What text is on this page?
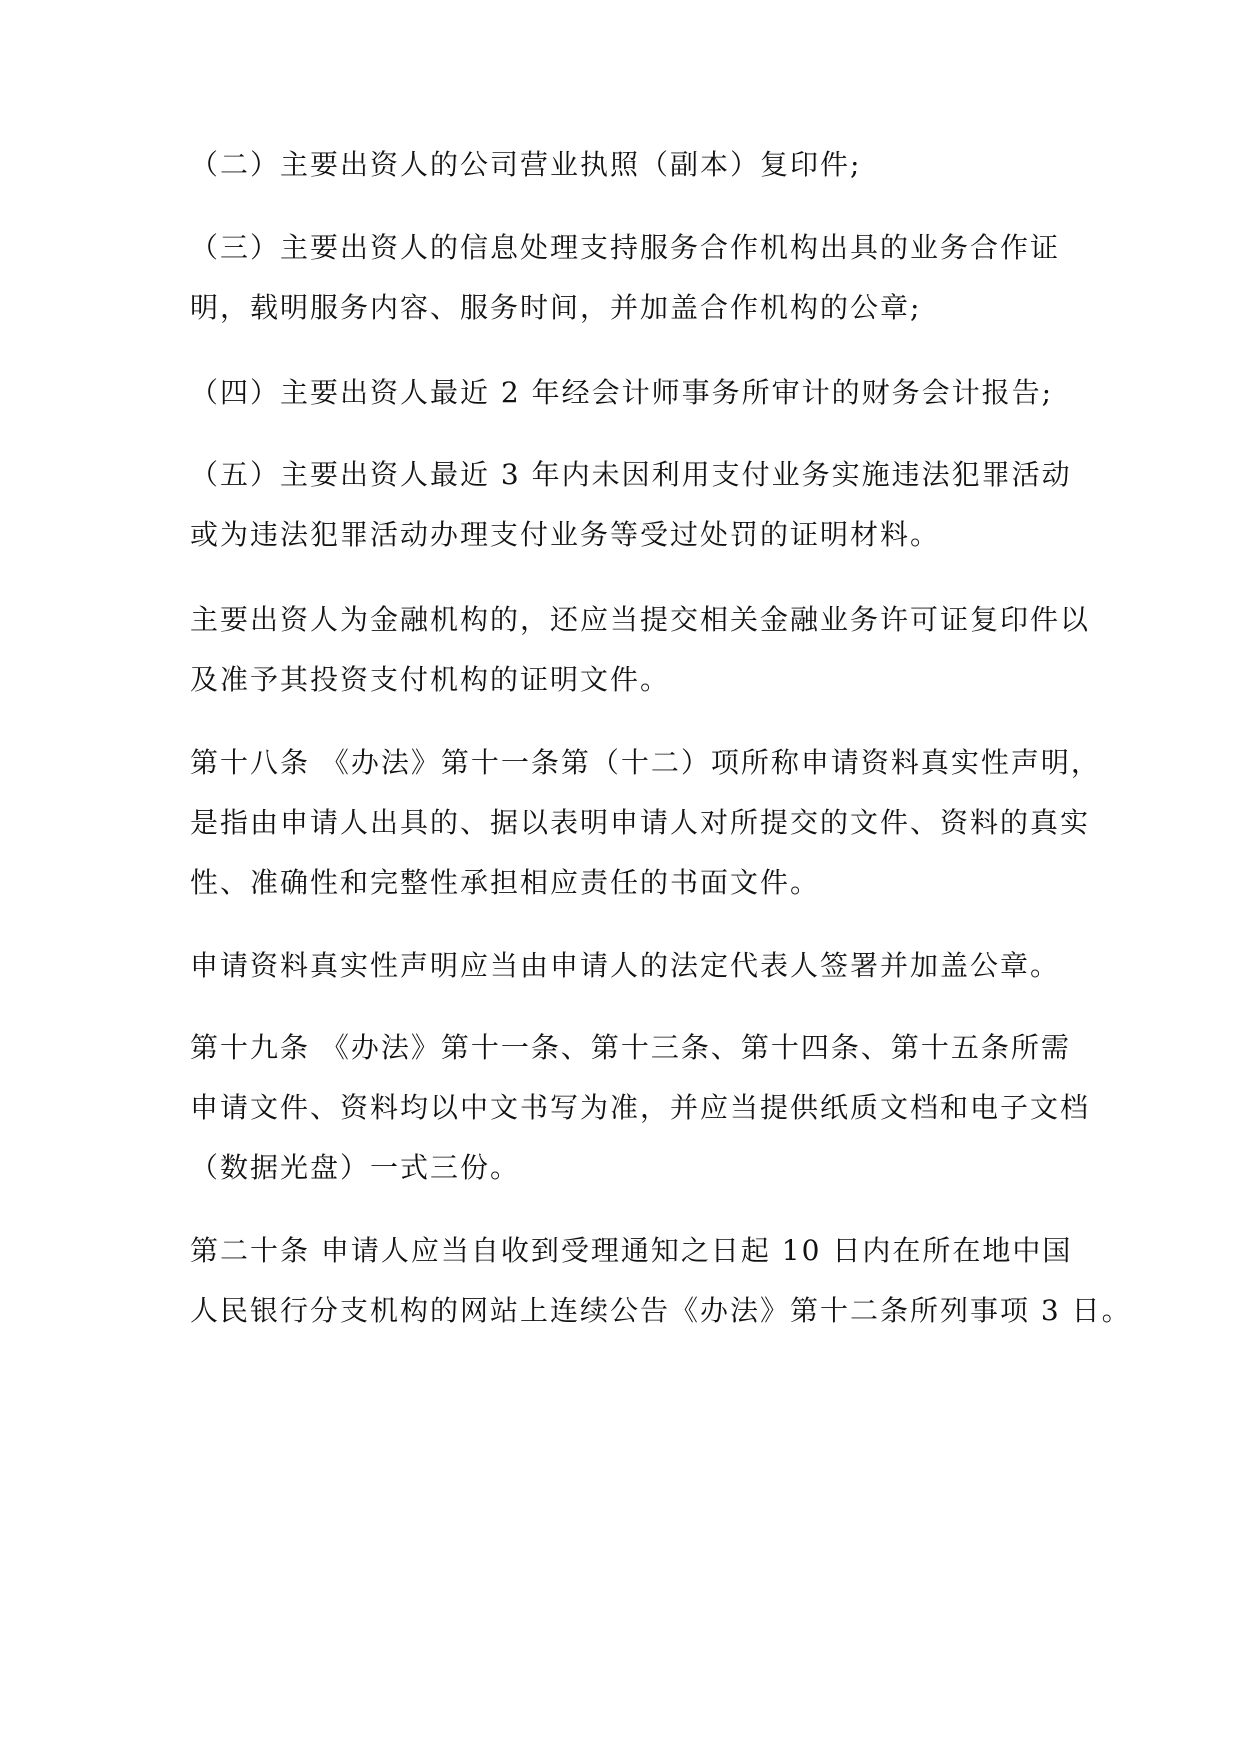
（二）主要出资人的公司营业执照（副本）复印件;
（三）主要出资人的信息处理支持服务合作机构出具的业务合作证
明，载明服务内容、服务时间，并加盖合作机构的公章;
（四）主要出资人最近 2 年经会计师事务所审计的财务会计报告;
（五）主要出资人最近 3 年内未因利用支付业务实施违法犯罪活动
或为违法犯罪活动办理支付业务等受过处罚的证明材料。
主要出资人为金融机构的，还应当提交相关金融业务许可证复印件以
及准予其投资支付机构的证明文件。
第十八条 《办法》第十一条第（十二）项所称申请资料真实性声明，
是指由申请人出具的、据以表明申请人对所提交的文件、资料的真实
性、准确性和完整性承担相应责任的书面文件。
申请资料真实性声明应当由申请人的法定代表人签署并加盖公章。
第十九条 《办法》第十一条、第十三条、第十四条、第十五条所需
申请文件、资料均以中文书写为准，并应当提供纸质文档和电子文档
（数据光盘）一式三份。
第二十条 申请人应当自收到受理通知之日起 10 日内在所在地中国
人民银行分支机构的网站上连续公告《办法》第十二条所列事项 3 日。
